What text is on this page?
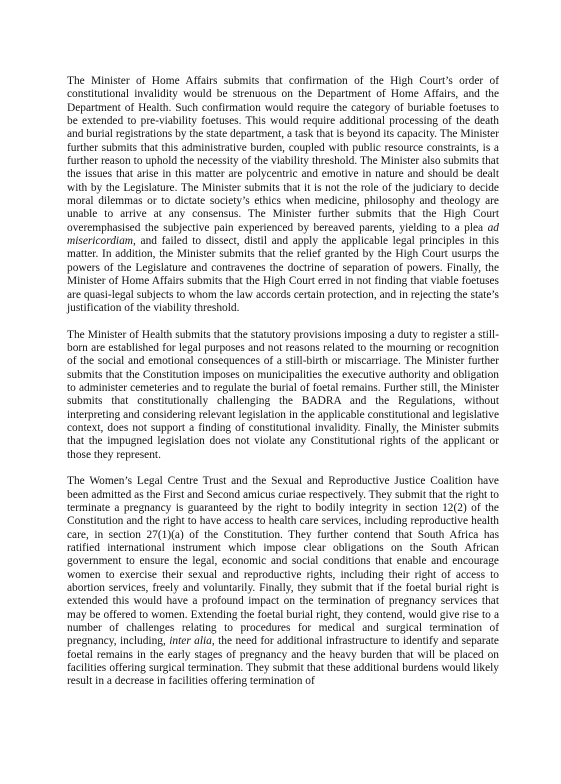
The Minister of Home Affairs submits that confirmation of the High Court’s order of constitutional invalidity would be strenuous on the Department of Home Affairs, and the Department of Health. Such confirmation would require the category of buriable foetuses to be extended to pre-viability foetuses. This would require additional processing of the death and burial registrations by the state department, a task that is beyond its capacity. The Minister further submits that this administrative burden, coupled with public resource constraints, is a further reason to uphold the necessity of the viability threshold. The Minister also submits that the issues that arise in this matter are polycentric and emotive in nature and should be dealt with by the Legislature. The Minister submits that it is not the role of the judiciary to decide moral dilemmas or to dictate society’s ethics when medicine, philosophy and theology are unable to arrive at any consensus. The Minister further submits that the High Court overemphasised the subjective pain experienced by bereaved parents, yielding to a plea ad misericordiam, and failed to dissect, distil and apply the applicable legal principles in this matter. In addition, the Minister submits that the relief granted by the High Court usurps the powers of the Legislature and contravenes the doctrine of separation of powers. Finally, the Minister of Home Affairs submits that the High Court erred in not finding that viable foetuses are quasi-legal subjects to whom the law accords certain protection, and in rejecting the state’s justification of the viability threshold.

The Minister of Health submits that the statutory provisions imposing a duty to register a still-born are established for legal purposes and not reasons related to the mourning or recognition of the social and emotional consequences of a still-birth or miscarriage. The Minister further submits that the Constitution imposes on municipalities the executive authority and obligation to administer cemeteries and to regulate the burial of foetal remains. Further still, the Minister submits that constitutionally challenging the BADRA and the Regulations, without interpreting and considering relevant legislation in the applicable constitutional and legislative context, does not support a finding of constitutional invalidity. Finally, the Minister submits that the impugned legislation does not violate any Constitutional rights of the applicant or those they represent.

The Women’s Legal Centre Trust and the Sexual and Reproductive Justice Coalition have been admitted as the First and Second amicus curiae respectively. They submit that the right to terminate a pregnancy is guaranteed by the right to bodily integrity in section 12(2) of the Constitution and the right to have access to health care services, including reproductive health care, in section 27(1)(a) of the Constitution. They further contend that South Africa has ratified international instrument which impose clear obligations on the South African government to ensure the legal, economic and social conditions that enable and encourage women to exercise their sexual and reproductive rights, including their right of access to abortion services, freely and voluntarily. Finally, they submit that if the foetal burial right is extended this would have a profound impact on the termination of pregnancy services that may be offered to women. Extending the foetal burial right, they contend, would give rise to a number of challenges relating to procedures for medical and surgical termination of pregnancy, including, inter alia, the need for additional infrastructure to identify and separate foetal remains in the early stages of pregnancy and the heavy burden that will be placed on facilities offering surgical termination. They submit that these additional burdens would likely result in a decrease in facilities offering termination of
